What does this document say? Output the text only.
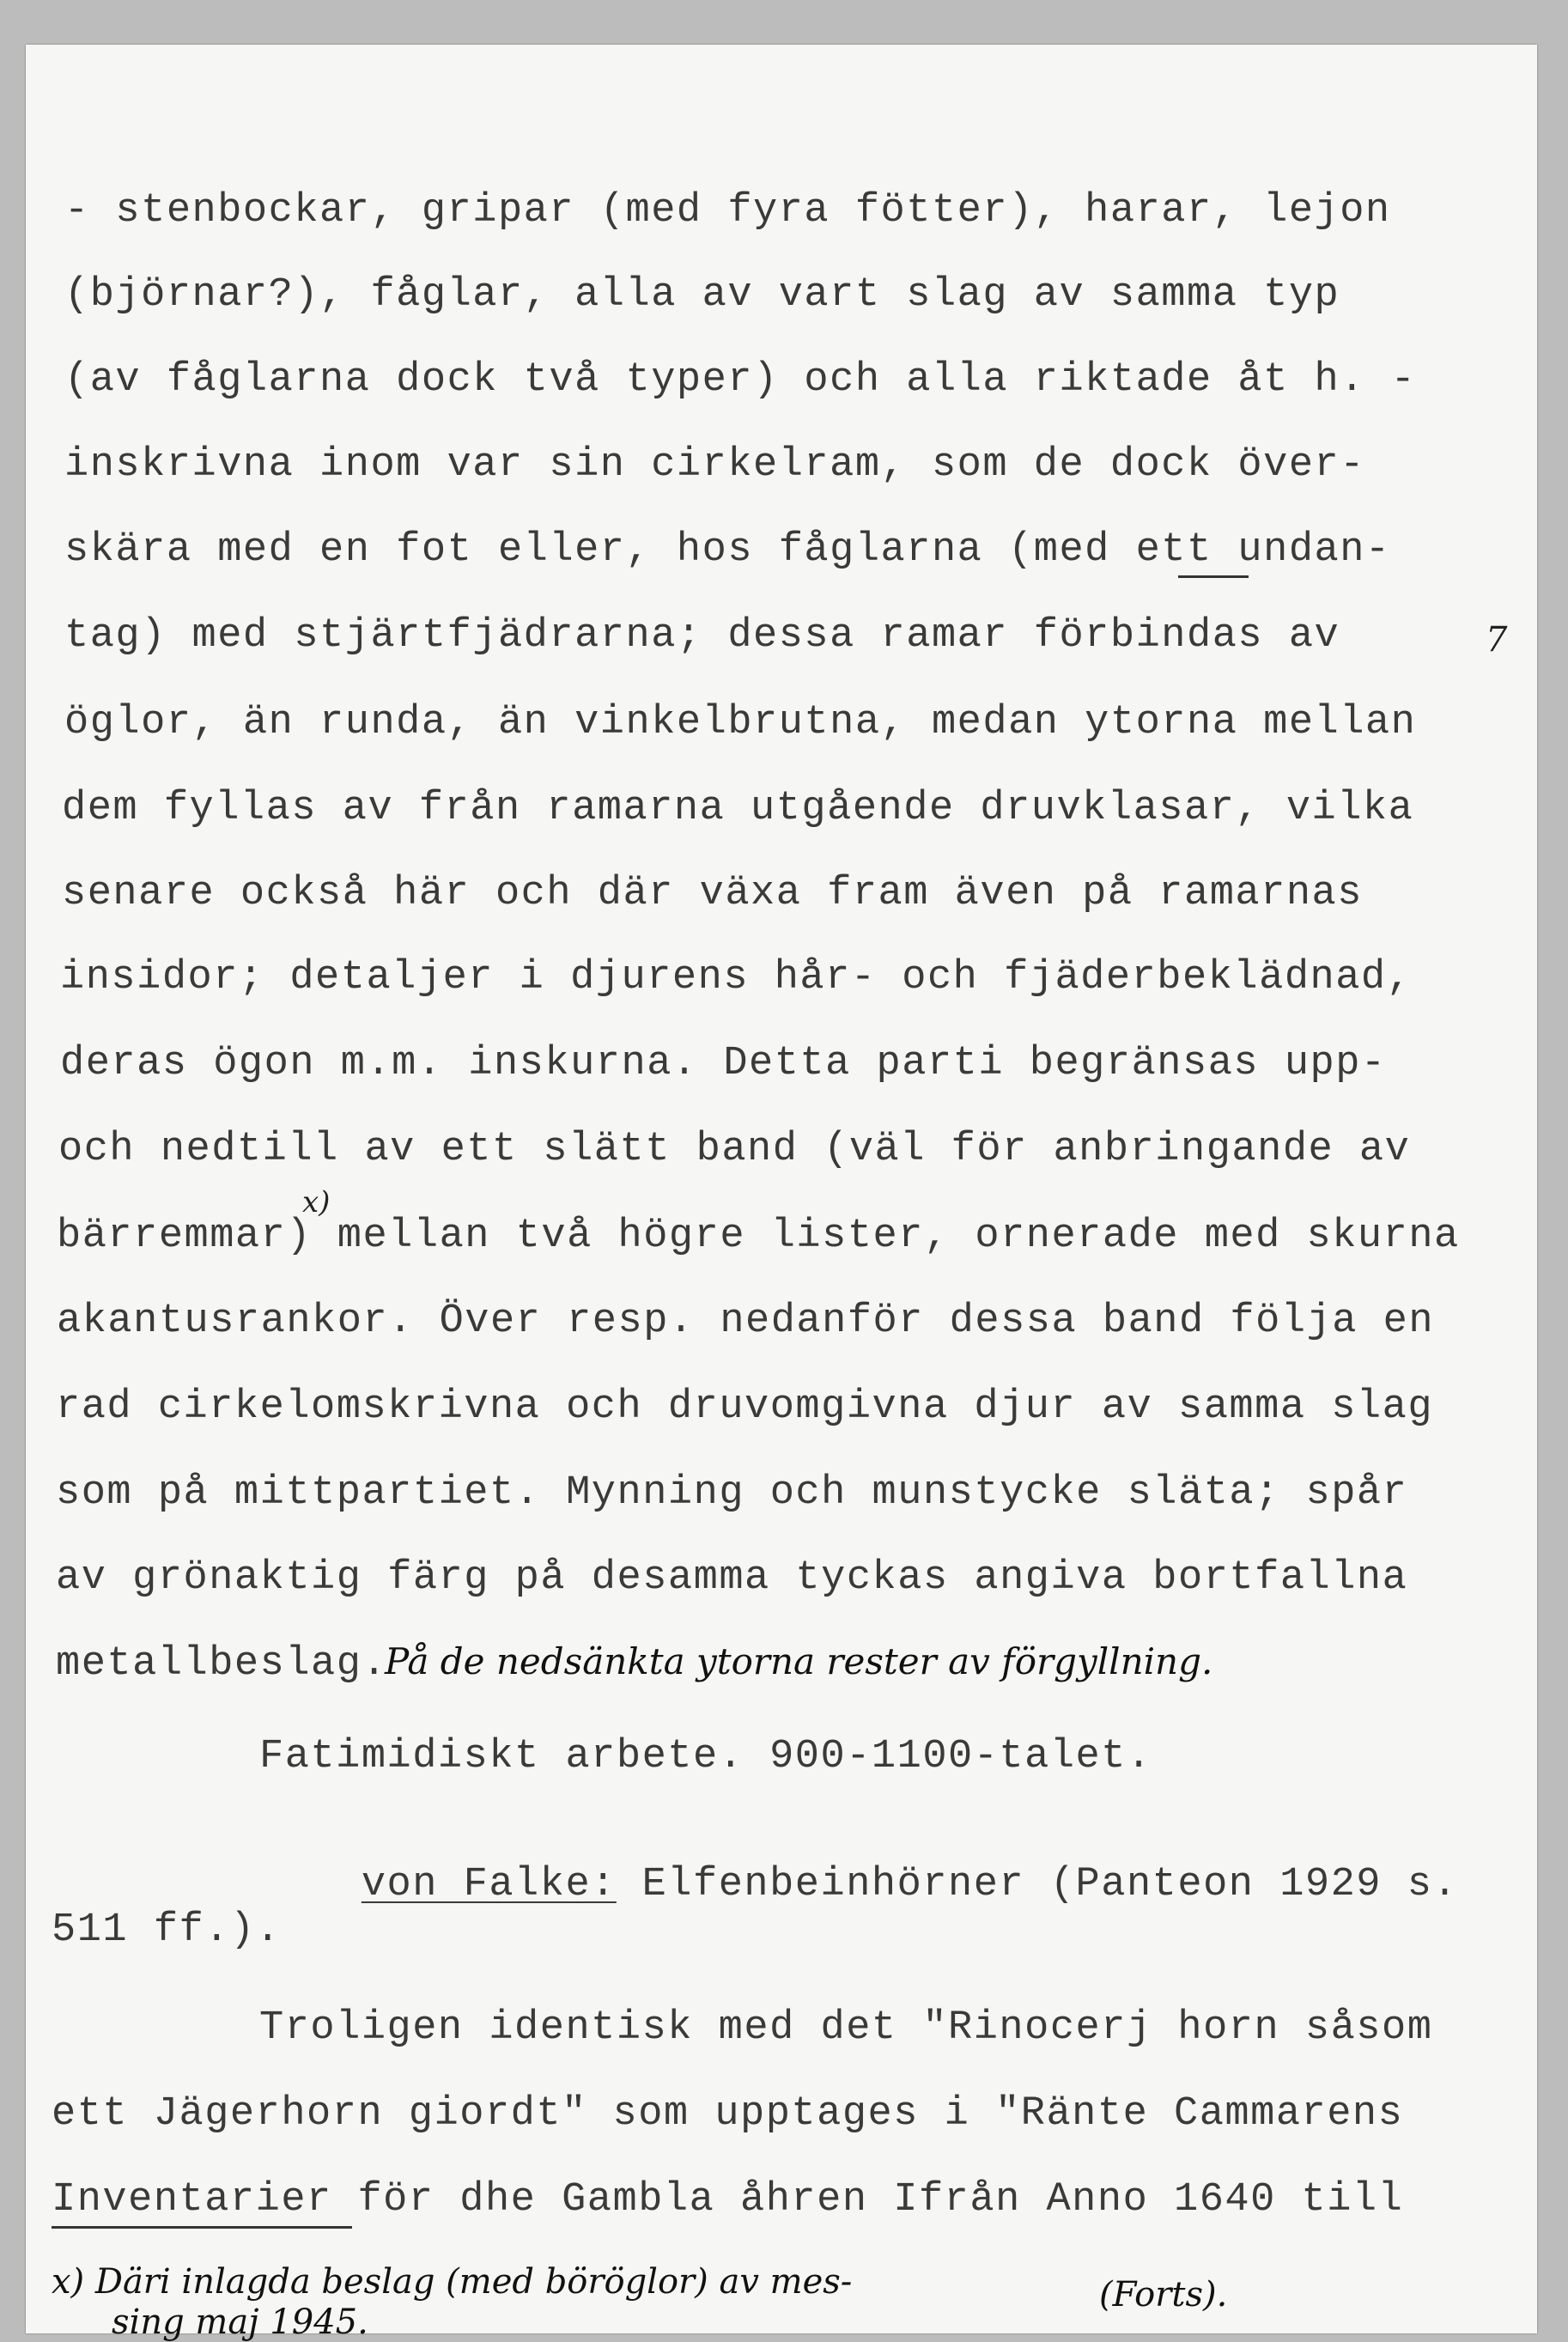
- stenbockar, gripar (med fyra fötter), harar, lejon
(björnar?), fåglar, alla av vart slag av samma typ
(av fåglarna dock två typer) och alla riktade åt h. -
inskrivna inom var sin cirkelram, som de dock över-
skära med en fot eller, hos fåglarna (med ett undan-
tag) med stjärtfjädrarna; dessa ramar förbindas av
öglor, än runda, än vinkelbrutna, medan ytorna mellan
dem fyllas av från ramarna utgående druvklasar, vilka
senare också här och där växa fram även på ramarnas
insidor; detaljer i djurens hår- och fjäderbeklädnad,
deras ögon m.m. inskurna. Detta parti begränsas upp-
och nedtill av ett slätt band (väl för anbringande av
bärremmar) mellan två högre lister, ornerade med skurna
akantusrankor. Över resp. nedanför dessa band följa en
rad cirkelomskrivna och druvomgivna djur av samma slag
som på mittpartiet. Mynning och munstycke släta; spår
av grönaktig färg på desamma tyckas angiva bortfallna
metallbeslag.
7
x)
På de nedsänkta ytorna rester av förgyllning.
Fatimidiskt arbete. 900-1100-talet.

von Falke: Elfenbeinhörner (Panteon 1929 s.

511 ff.).
Troligen identisk med det "Rinocerj horn såsom
ett Jägerhorn giordt" som upptages i "Ränte Cammarens
Inventarier för dhe Gambla åhren Ifrån Anno 1640 till
x) Däri inlagda beslag (med böröglor) av mes-
sing maj 1945.
(Forts).
